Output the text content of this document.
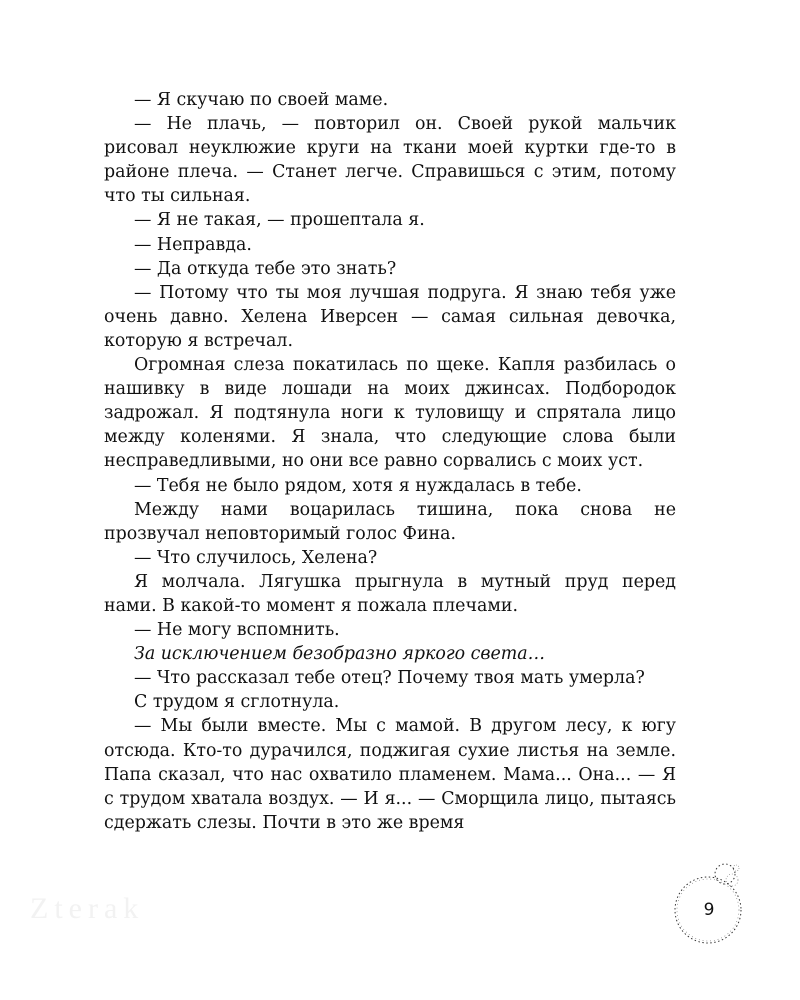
— Я скучаю по своей маме.

— Не плачь, — повторил он. Своей рукой мальчик рисовал неуклюжие круги на ткани моей куртки где-то в районе плеча. — Станет легче. Справишься с этим, потому что ты сильная.

— Я не такая, — прошептала я.

— Неправда.

— Да откуда тебе это знать?

— Потому что ты моя лучшая подруга. Я знаю тебя уже очень давно. Хелена Иверсен — самая сильная девочка, которую я встречал.

Огромная слеза покатилась по щеке. Капля разбилась о нашивку в виде лошади на моих джинсах. Подбородок задрожал. Я подтянула ноги к туловищу и спрятала лицо между коленями. Я знала, что следующие слова были несправедливыми, но они все равно сорвались с моих уст.

— Тебя не было рядом, хотя я нуждалась в тебе.

Между нами воцарилась тишина, пока снова не прозвучал неповторимый голос Фина.

— Что случилось, Хелена?

Я молчала. Лягушка прыгнула в мутный пруд перед нами. В какой-то момент я пожала плечами.

— Не могу вспомнить.

За исключением безобразно яркого света…

— Что рассказал тебе отец? Почему твоя мать умерла?

С трудом я сглотнула.

— Мы были вместе. Мы с мамой. В другом лесу, к югу отсюда. Кто-то дурачился, поджигая сухие листья на земле. Папа сказал, что нас охватило пламенем. Мама... Она... — Я с трудом хватала воздух. — И я... — Сморщила лицо, пытаясь сдержать слезы. Почти в это же время

Zterak	9
